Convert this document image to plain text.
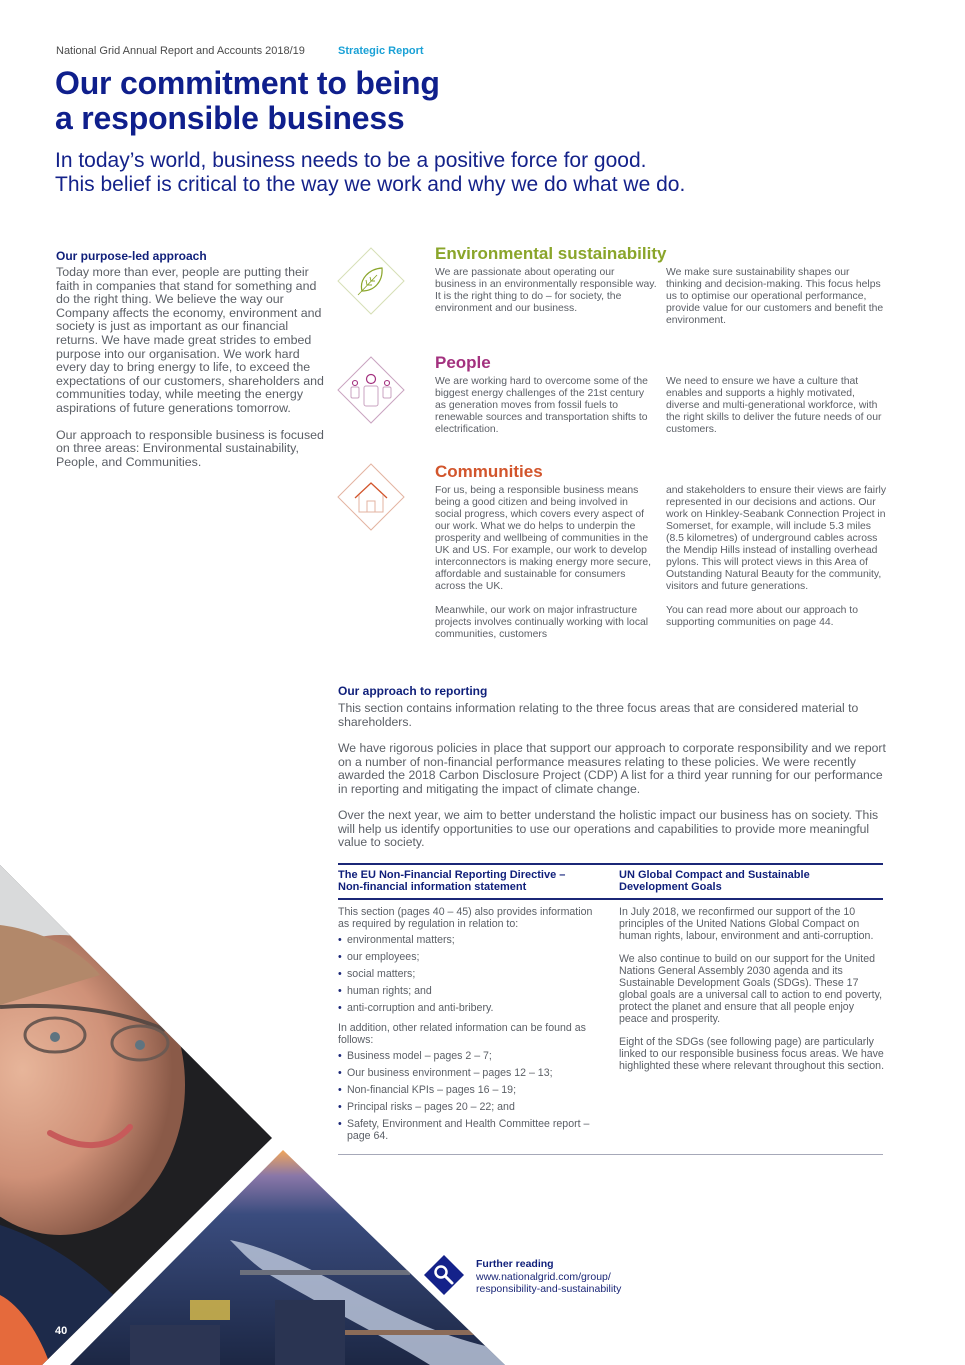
National Grid Annual Report and Accounts 2018/19	Strategic Report
Our commitment to being
a responsible business
In today’s world, business needs to be a positive force for good.
This belief is critical to the way we work and why we do what we do.
Our purpose-led approach

Today more than ever, people are putting their faith in companies that stand for something and do the right thing. We believe the way our Company affects the economy, environment and society is just as important as our financial returns. We have made great strides to embed purpose into our organisation. We work hard every day to bring energy to life, to exceed the expectations of our customers, shareholders and communities today, while meeting the energy aspirations of future generations tomorrow.

Our approach to responsible business is focused on three areas: Environmental sustainability, People, and Communities.

Environmental sustainability

We are passionate about operating our business in an environmentally responsible way. It is the right thing to do – for society, the environment and our business.

We make sure sustainability shapes our thinking and decision-making. This focus helps us to optimise our operational performance, provide value for our customers and benefit the environment.

People

We are working hard to overcome some of the biggest energy challenges of the 21st century as generation moves from fossil fuels to renewable sources and transportation shifts to electrification.

We need to ensure we have a culture that enables and supports a highly motivated, diverse and multi-generational workforce, with the right skills to deliver the future needs of our customers.

Communities

For us, being a responsible business means being a good citizen and being involved in social progress, which covers every aspect of our work. What we do helps to underpin the prosperity and wellbeing of communities in the UK and US. For example, our work to develop interconnectors is making energy more secure, affordable and sustainable for consumers across the UK.

Meanwhile, our work on major infrastructure projects involves continually working with local communities, customers

and stakeholders to ensure their views are fairly represented in our decisions and actions. Our work on Hinkley-Seabank Connection Project in Somerset, for example, will include 5.3 miles (8.5 kilometres) of underground cables across the Mendip Hills instead of installing overhead pylons. This will protect views in this Area of Outstanding Natural Beauty for the community, visitors and future generations.

You can read more about our approach to supporting communities on page 44.

Our approach to reporting

This section contains information relating to the three focus areas that are considered material to shareholders.

We have rigorous policies in place that support our approach to corporate responsibility and we report on a number of non-financial performance measures relating to these policies. We were recently awarded the 2018 Carbon Disclosure Project (CDP) A list for a third year running for our performance in reporting and mitigating the impact of climate change.

Over the next year, we aim to better understand the holistic impact our business has on society. This will help us identify opportunities to use our operations and capabilities to provide more meaningful value to society.

The EU Non-Financial Reporting Directive –
Non-financial information statement
UN Global Compact and Sustainable
Development Goals

This section (pages 40 – 45) also provides information as required by regulation in relation to:

• environmental matters;
• our employees;
• social matters;
• human rights; and
• anti-corruption and anti-bribery.

In addition, other related information can be found as follows:

• Business model – pages 2 – 7;
• Our business environment – pages 12 – 13;
• Non-financial KPIs – pages 16 – 19;
• Principal risks – pages 20 – 22; and
• Safety, Environment and Health Committee report – page 64.

In July 2018, we reconfirmed our support of the 10 principles of the United Nations Global Compact on human rights, labour, environment and anti-corruption.

We also continue to build on our support for the United Nations General Assembly 2030 agenda and its Sustainable Development Goals (SDGs). These 17 global goals are a universal call to action to end poverty, protect the planet and ensure that all people enjoy peace and prosperity.

Eight of the SDGs (see following page) are particularly linked to our responsible business focus areas. We have highlighted these where relevant throughout this section.

40
Further reading
www.nationalgrid.com/group/
responsibility-and-sustainability
